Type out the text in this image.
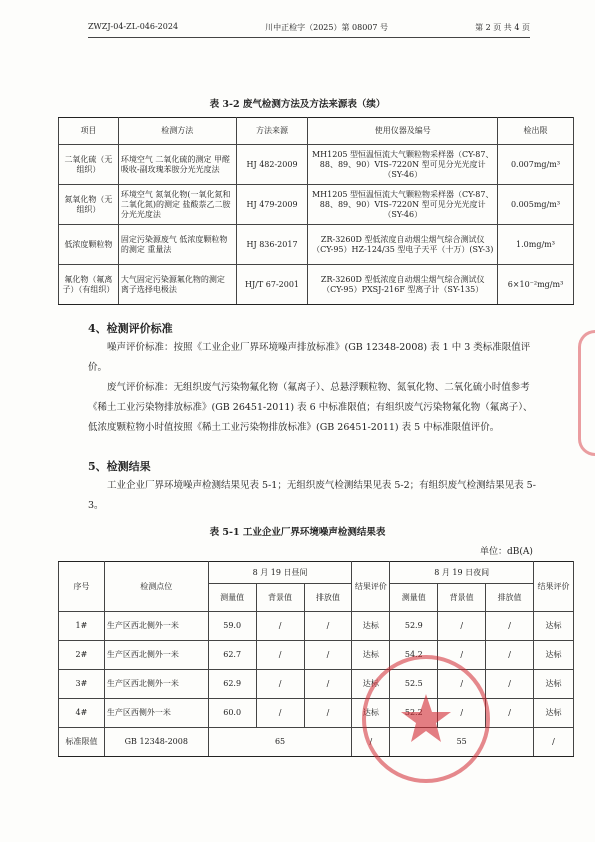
ZWZJ-04-ZL-046-2024	川中正检字（2025）第 08007 号	第 2 页 共 4 页
表 3-2 废气检测方法及方法来源表（续）
项目	检测方法	方法来源	使用仪器及编号	检出限
二氧化硫（无组织）	环境空气 二氧化硫的测定 甲醛吸收-副玫瑰苯胺分光光度法	HJ 482-2009	MH1205 型恒温恒流大气颗粒物采样器（CY-87、88、89、90）VIS-7220N 型可见分光光度计（SY-46）	0.007mg/m³
氮氧化物（无组织）	环境空气 氮氧化物(一氧化氮和二氧化氮)的测定 盐酸萘乙二胺分光光度法	HJ 479-2009	MH1205 型恒温恒流大气颗粒物采样器（CY-87、88、89、90）VIS-7220N 型可见分光光度计（SY-46）	0.005mg/m³
低浓度颗粒物	固定污染源废气 低浓度颗粒物的测定 重量法	HJ 836-2017	ZR-3260D 型低浓度自动烟尘烟气综合测试仪（CY-95）HZ-124/35 型电子天平（十万）(SY-3)	1.0mg/m³
氟化物（氟离子）（有组织）	大气固定污染源氟化物的测定 离子选择电极法	HJ/T 67-2001	ZR-3260D 型低浓度自动烟尘烟气综合测试仪（CY-95）PXSJ-216F 型离子计（SY-135）	6×10⁻²mg/m³
4、检测评价标准

噪声评价标准：按照《工业企业厂界环境噪声排放标准》(GB 12348-2008) 表 1 中 3 类标准限值评价。

废气评价标准：无组织废气污染物氟化物（氟离子）、总悬浮颗粒物、氮氧化物、二氧化硫小时值参考《稀土工业污染物排放标准》(GB 26451-2011) 表 6 中标准限值；有组织废气污染物氟化物（氟离子）、低浓度颗粒物小时值按照《稀土工业污染物排放标准》(GB 26451-2011) 表 5 中标准限值评价。

5、检测结果

工业企业厂界环境噪声检测结果见表 5-1；无组织废气检测结果见表 5-2；有组织废气检测结果见表 5-3。

表 5-1 工业企业厂界环境噪声检测结果表
单位：dB(A)
序号	检测点位	8 月 19 日昼间			结果评价	8 月 19 日夜间			结果评价
		测量值	背景值	排放值		测量值	背景值	排放值	
1#	生产区西北侧外一米	59.0	/	/	达标	52.9	/	/	达标
2#	生产区西北侧外一米	62.7	/	/	达标	54.2	/	/	达标
3#	生产区西北侧外一米	62.9	/	/	达标	52.5	/	/	达标
4#	生产区西侧外一米	60.0	/	/	达标		/	/	达标
标准限值	GB 12348-2008	65			/	55			/
